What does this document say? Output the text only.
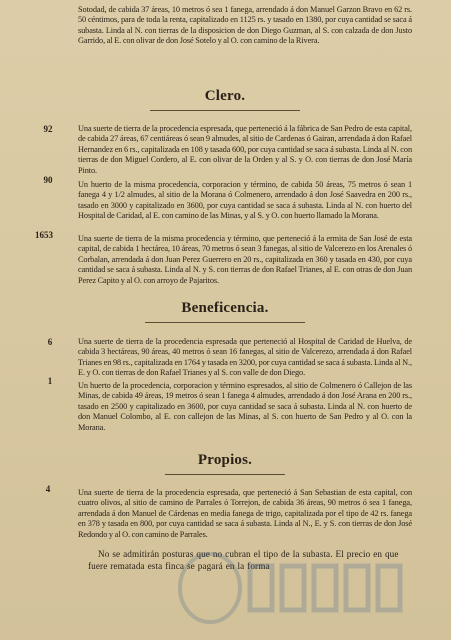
Sotodad, de cabida 37 áreas, 10 metros ó sea 1 fanega, arrendado á don Manuel Garzon Bravo en 62 rs. 50 céntimos, para de toda la renta, capitalizado en 1125 rs. y tasado en 1380, por cuya cantidad se saca á subasta. Linda al N. con tierras de la disposicion de don Diego Guzman, al S. con calzada de don Justo Garrido, al E. con olivar de don José Sotelo y al O. con camino de la Rivera.
Clero.
92	Una suerte de tierra de la procedencia espresada, que perteneció á la fábrica de San Pedro de esta capital, de cabida 27 áreas, 67 centiáreas ó sean 9 almudes, al sitio de Cardenas ó Gairan, arrendada á don Rafael Hernandez en 6 rs., capitalizada en 108 y tasada 600, por cuya cantidad se saca á subasta. Linda al N. con tierras de don Miguel Cordero, al E. con olivar de la Orden y al S. y O. con tierras de don José María Pinto.
90	Un huerto de la misma procedencia, corporacion y término, de cabida 50 áreas, 75 metros ó sean 1 fanega 4 y 1/2 almudes, al sitio de la Morana ó Colmenero, arrendado á don José Saavedra en 200 rs., tasado en 3000 y capitalizado en 3600, por cuya cantidad se saca á subasta. Linda al N. con huerto del Hospital de Caridad, al E. con camino de las Minas, y al S. y O. con huerto llamado la Morana.
1653	Una suerte de tierra de la misma procedencia y término, que perteneció á la ermita de San José de esta capital, de cabida 1 hectárea, 10 áreas, 70 metros ó sean 3 fanegas, al sitio de Valcerezo en los Arenales ó Corbalan, arrendada á don Juan Perez Guerrero en 20 rs., capitalizada en 360 y tasada en 430, por cuya cantidad se saca á subasta. Linda al N. y S. con tierras de don Rafael Trianes, al E. con otras de don Juan Perez Capito y al O. con arroyo de Pajaritos.
Beneficencia.
6	Una suerte de tierra de la procedencia espresada que perteneció al Hospital de Caridad de Huelva, de cabida 3 hectáreas, 90 áreas, 40 metros ó sean 16 fanegas, al sitio de Valcerezo, arrendada á don Rafael Trianes en 98 rs., capitalizada en 1764 y tasada en 3200, por cuya cantidad se saca á subasta. Linda al N., E. y O. con tierras de don Rafael Trianes y al S. con valle de don Diego.
1	Un huerto de la procedencia, corporacion y término espresados, al sitio de Colmenero ó Callejon de las Minas, de cabida 49 áreas, 19 metros ó sean 1 fanega 4 almudes, arrendado á don José Arana en 200 rs., tasado en 2500 y capitalizado en 3600, por cuya cantidad se saca á subasta. Linda al N. con huerto de don Manuel Colombo, al E. con callejon de las Minas, al S. con huerto de San Pedro y al O. con la Morana.
Propios.
4	Una suerte de tierra de la procedencia espresada, que perteneció á San Sebastian de esta capital, con cuatro olivos, al sitio de camino de Parrales ó Torrejon, de cabida 36 áreas, 90 metros ó sea 1 fanega, arrendada á don Manuel de Cárdenas en media fanega de trigo, capitalizada por el tipo de 42 rs. fanega en 378 y tasada en 800, por cuya cantidad se saca á subasta. Linda al N., E. y S. con tierras de don José Redondo y al O. con camino de Parrales.
No se admitirán posturas que no cubran el tipo de la subasta. El precio en que fuere rematada esta finca se pagará en la forma
